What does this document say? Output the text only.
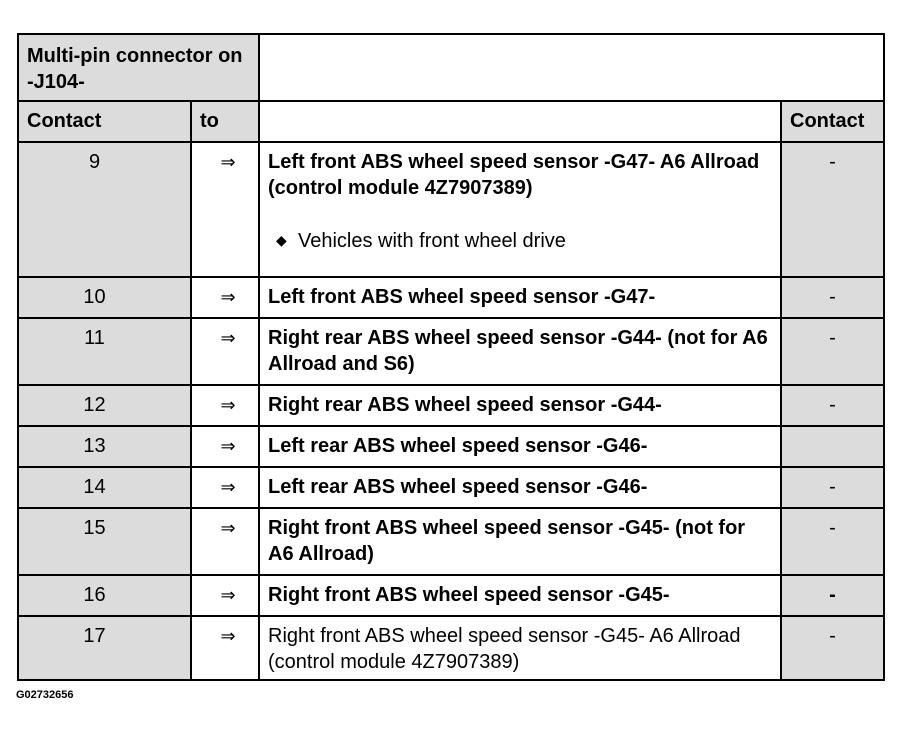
Multi-pin connector on -J104-			
Contact	to		Contact
9	⇒	Left front ABS wheel speed sensor -G47- A6 Allroad (control module 4Z7907389)
◆ Vehicles with front wheel drive	-
10	⇒	Left front ABS wheel speed sensor -G47-	-
11	⇒	Right rear ABS wheel speed sensor -G44- (not for A6 Allroad and S6)	-
12	⇒	Right rear ABS wheel speed sensor -G44-	-
13	⇒	Left rear ABS wheel speed sensor -G46-	
14	⇒	Left rear ABS wheel speed sensor -G46-	-
15	⇒	Right front ABS wheel speed sensor -G45- (not for A6 Allroad)	-
16	⇒	Right front ABS wheel speed sensor -G45-	-
17	⇒	Right front ABS wheel speed sensor -G45- A6 Allroad (control module 4Z7907389)	-
G02732656
